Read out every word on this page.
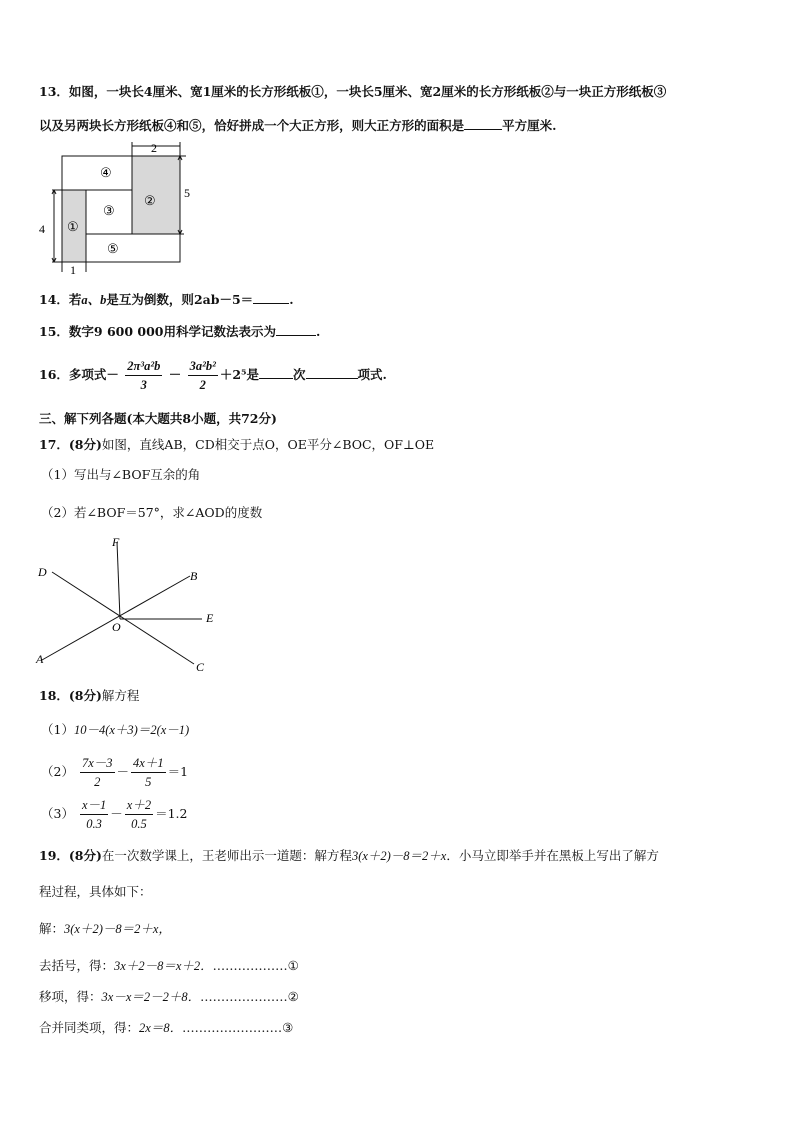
13．如图，一块长4厘米、宽1厘米的长方形纸板①，一块长5厘米、宽2厘米的长方形纸板②与一块正方形纸板③
以及另两块长方形纸板④和⑤，恰好拼成一个大正方形，则大正方形的面积是	平方厘米.
2
5
4
1
①
②
③
④
⑤
14．若a、b是互为倒数，则2ab－5＝	.
15．数字9 600 000用科学记数法表示为	.
16．多项式－ $\frac{\text{2π³a²b}}{3} - \frac{\text{3a²b²}}{2} +2^5$是	次	项式.
三、解下列各题(本大题共8小题，共72分)
17．(8分)如图，直线AB，CD相交于点O，OE平分∠BOC，OF⊥OE
（1）写出与∠BOF互余的角
（2）若∠BOF＝57°，求∠AOD的度数
F
D	B
E
O
A
C
18．(8分)解方程
（1）10－4(x＋3)＝2(x－1)
$(2) \frac{7x-3}{2} - \frac{4x+1}{5} =1$
$(3) \frac{x-1}{0.3} - \frac{x+2}{0.5} =1.2$
19．(8分)在一次数学课上，王老师出示一道题：解方程3(x＋2)－8＝2＋x．小马立即举手并在黑板上写出了解方
程过程，具体如下：
解：3(x＋2)－8＝2＋x，
去括号，得：3x＋2－8＝x＋2．………………①
移项，得：3x－x＝2－2＋8．…………………②
合并同类项，得：2x＝8．……………………③
